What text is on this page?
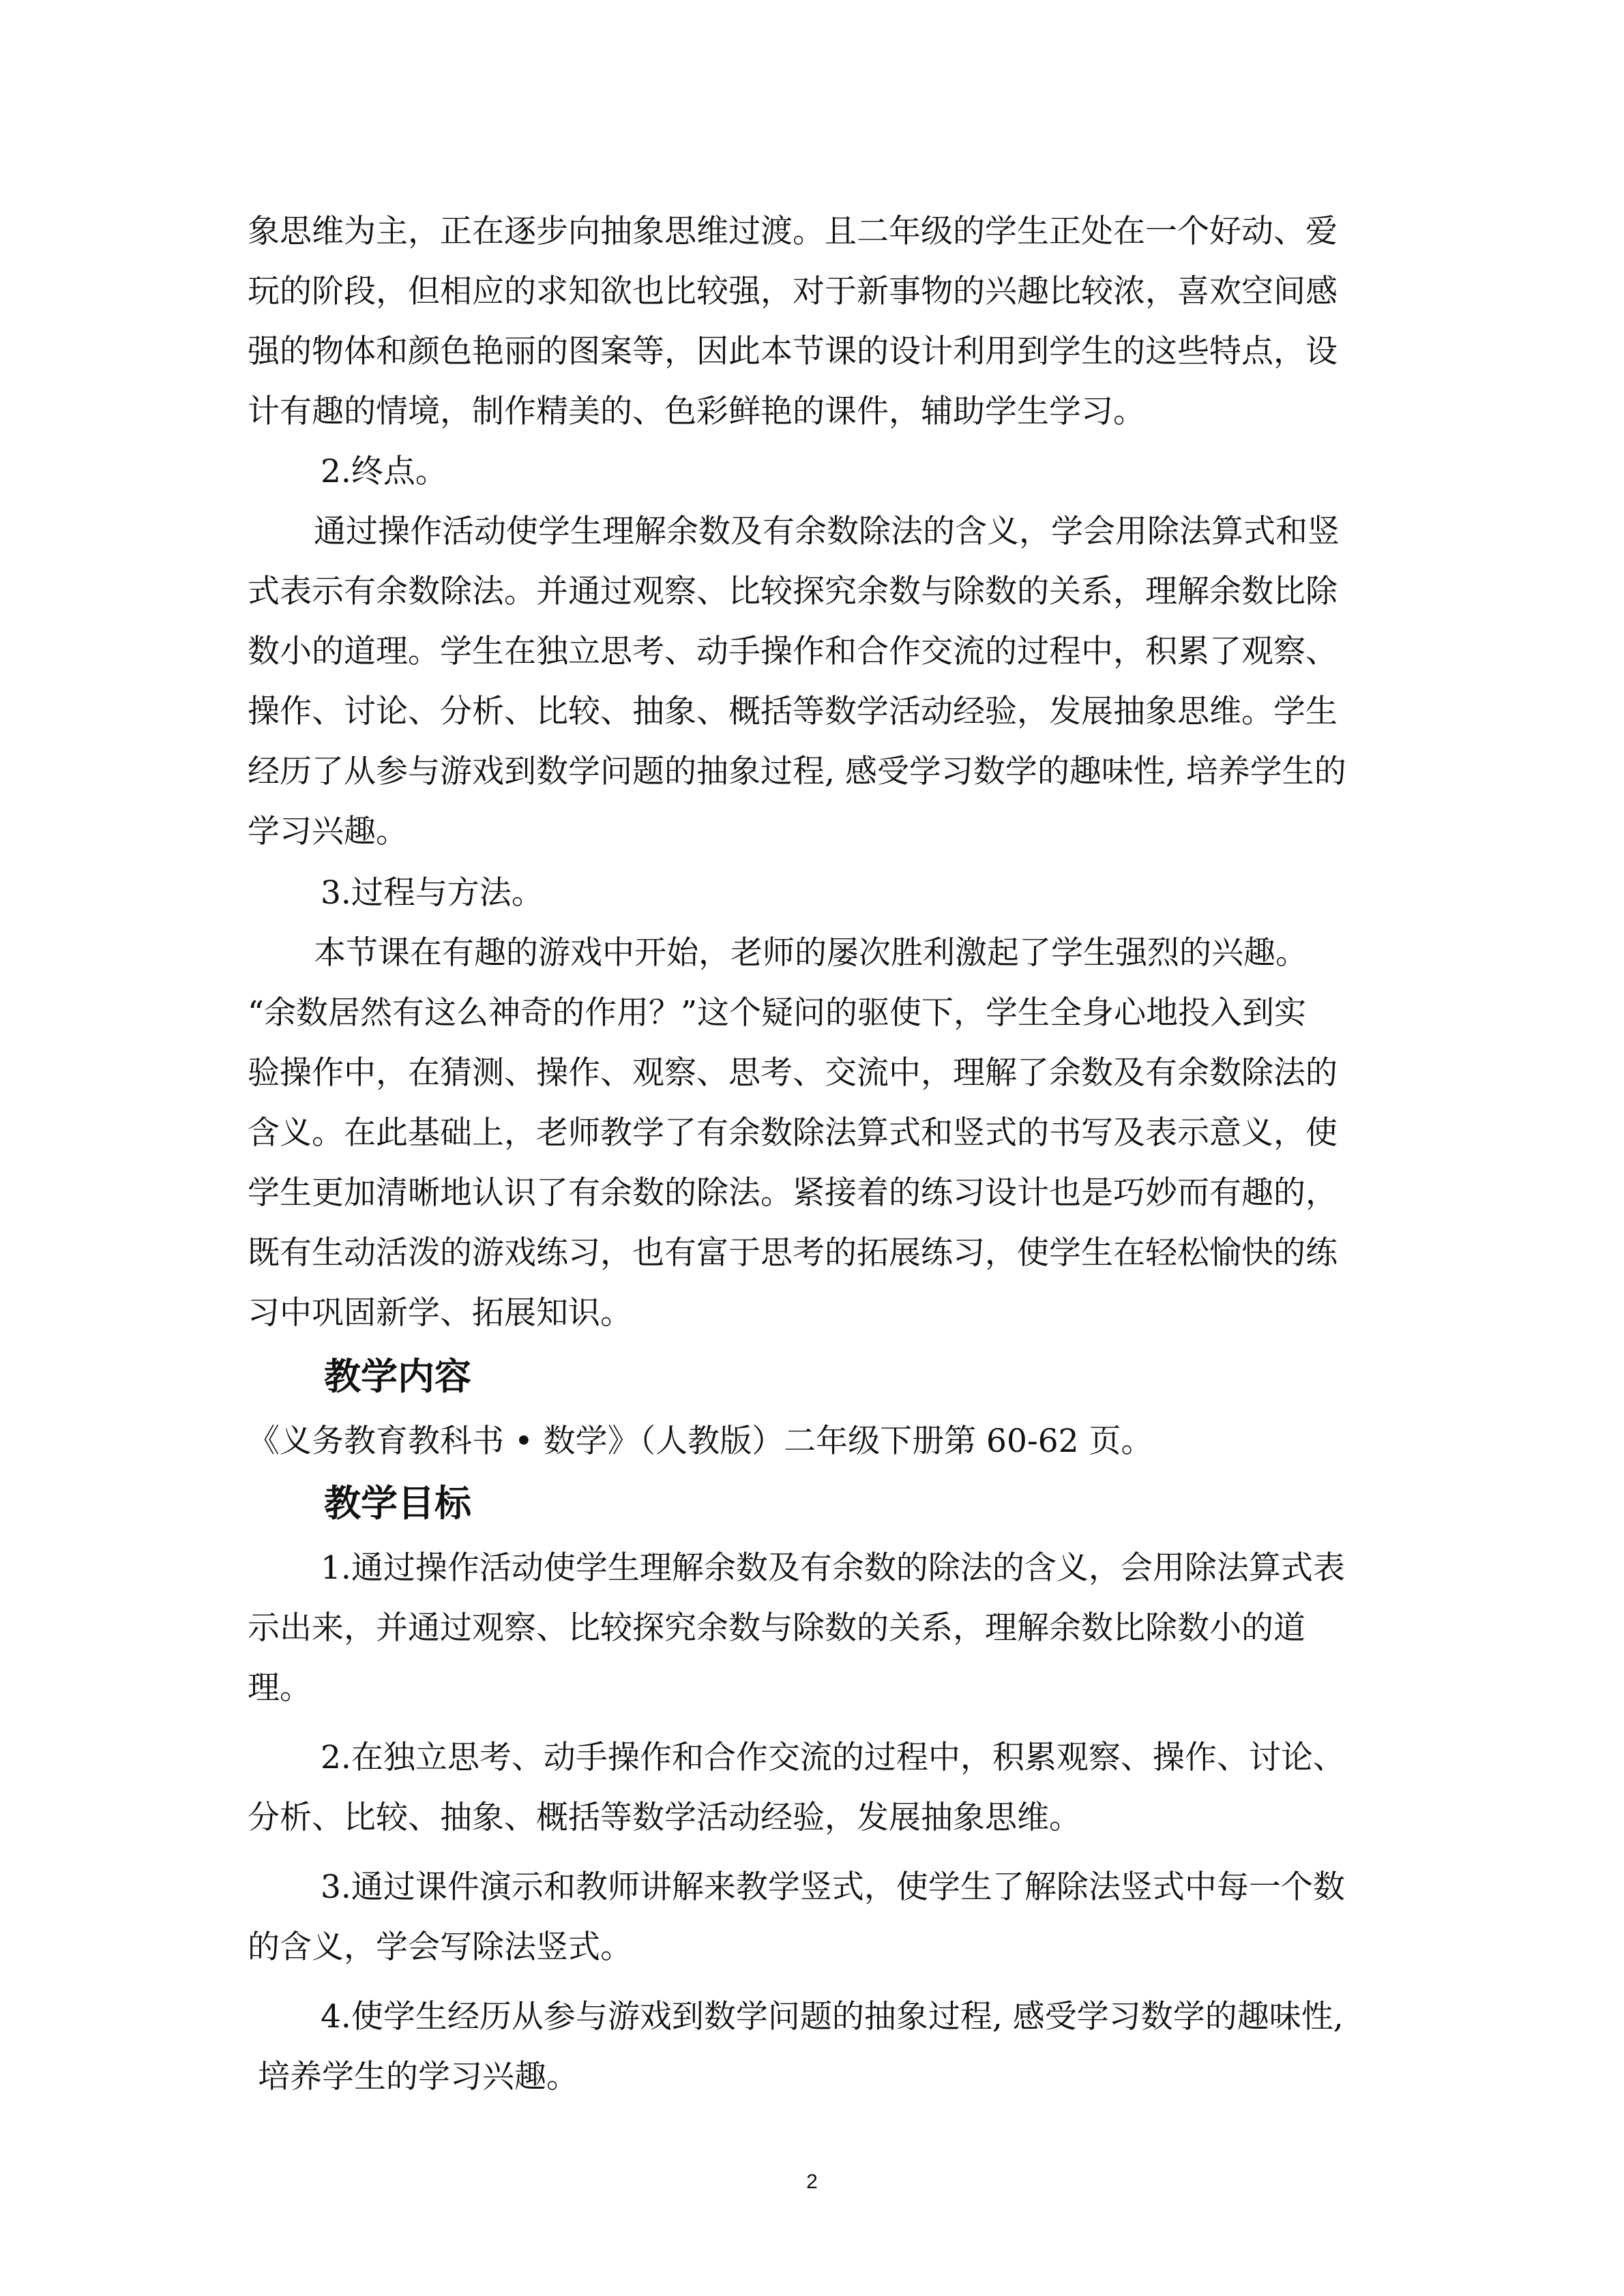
象思维为主，正在逐步向抽象思维过渡。且二年级的学生正处在一个好动、爱
玩的阶段，但相应的求知欲也比较强，对于新事物的兴趣比较浓，喜欢空间感
强的物体和颜色艳丽的图案等，因此本节课的设计利用到学生的这些特点，设
计有趣的情境，制作精美的、色彩鲜艳的课件，辅助学生学习。
2.终点。
通过操作活动使学生理解余数及有余数除法的含义，学会用除法算式和竖
式表示有余数除法。并通过观察、比较探究余数与除数的关系，理解余数比除
数小的道理。学生在独立思考、动手操作和合作交流的过程中，积累了观察、
操作、讨论、分析、比较、抽象、概括等数学活动经验，发展抽象思维。学生
经历了从参与游戏到数学问题的抽象过程, 感受学习数学的趣味性, 培养学生的
学习兴趣。
3.过程与方法。
本节课在有趣的游戏中开始，老师的屡次胜利激起了学生强烈的兴趣。
“余数居然有这么神奇的作用？”这个疑问的驱使下，学生全身心地投入到实
验操作中，在猜测、操作、观察、思考、交流中，理解了余数及有余数除法的
含义。在此基础上，老师教学了有余数除法算式和竖式的书写及表示意义，使
学生更加清晰地认识了有余数的除法。紧接着的练习设计也是巧妙而有趣的，
既有生动活泼的游戏练习，也有富于思考的拓展练习，使学生在轻松愉快的练
习中巩固新学、拓展知识。
教学内容
《义务教育教科书 • 数学》（人教版）二年级下册第 60-62 页。
教学目标
1.通过操作活动使学生理解余数及有余数的除法的含义，会用除法算式表
示出来，并通过观察、比较探究余数与除数的关系，理解余数比除数小的道
理。
2.在独立思考、动手操作和合作交流的过程中，积累观察、操作、讨论、
分析、比较、抽象、概括等数学活动经验，发展抽象思维。
3.通过课件演示和教师讲解来教学竖式，使学生了解除法竖式中每一个数
的含义，学会写除法竖式。
4.使学生经历从参与游戏到数学问题的抽象过程, 感受学习数学的趣味性,
培养学生的学习兴趣。
2
